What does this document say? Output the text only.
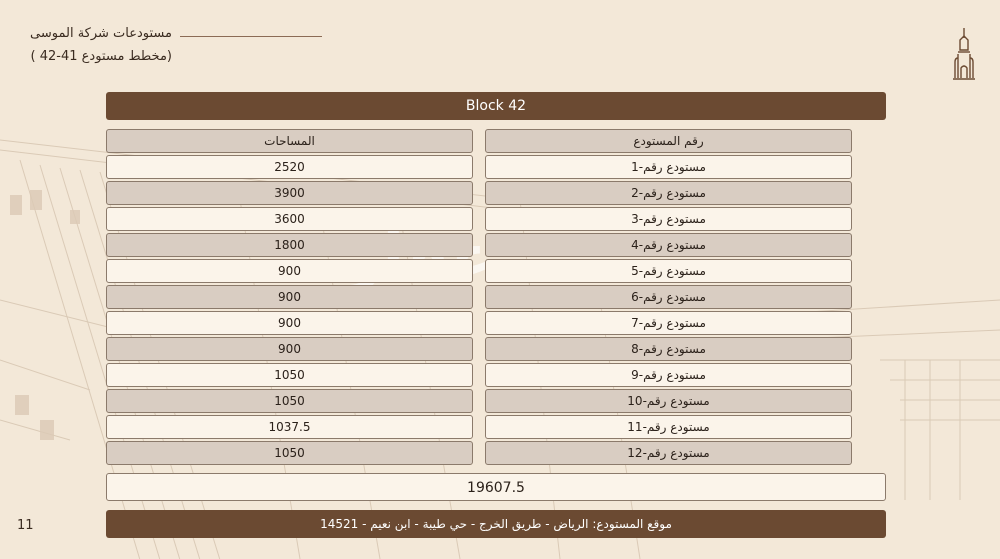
مستودعات شركة الموسى
(مخطط مستودع 41-42 )
Block 42
المساحات	رقم المستودع
2520	مستودع رقم-1
3900	مستودع رقم-2
3600	مستودع رقم-3
1800	مستودع رقم-4
900	مستودع رقم-5
900	مستودع رقم-6
900	مستودع رقم-7
900	مستودع رقم-8
1050	مستودع رقم-9
1050	مستودع رقم-10
1037.5	مستودع رقم-11
1050	مستودع رقم-12
19607.5
موقع المستودع: الرياض - طريق الخرج - حي طيبة - ابن نعيم - 14521
11
